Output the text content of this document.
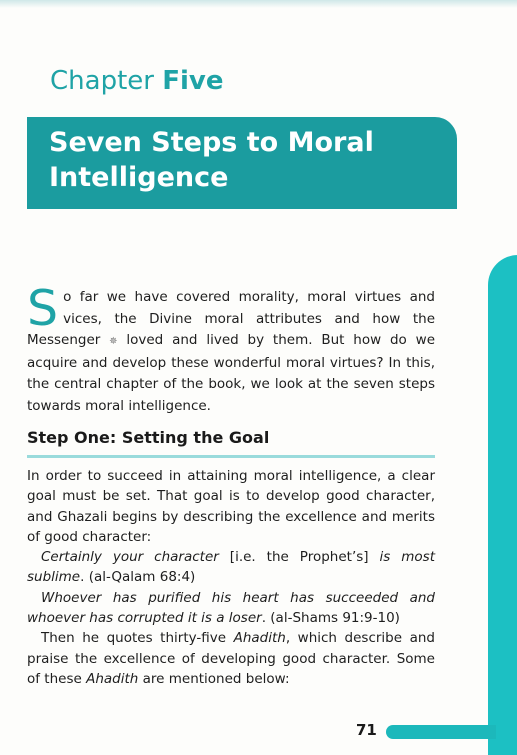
Chapter Five
Seven Steps to Moral
Intelligence
So far we have covered morality, moral virtues and vices, the Divine moral attributes and how the Messenger ✵ loved and lived by them. But how do we acquire and develop these wonderful moral virtues? In this, the central chapter of the book, we look at the seven steps towards moral intelligence.
Step One: Setting the Goal

In order to succeed in attaining moral intelligence, a clear goal must be set. That goal is to develop good character, and Ghazali begins by describing the excellence and merits of good character:

Certainly your character [i.e. the Prophet’s] is most sublime. (al-Qalam 68:4)

Whoever has purified his heart has succeeded and whoever has corrupted it is a loser. (al-Shams 91:9-10)

Then he quotes thirty-five Ahadith, which describe and praise the excellence of developing good character. Some of these Ahadith are mentioned below:

71
